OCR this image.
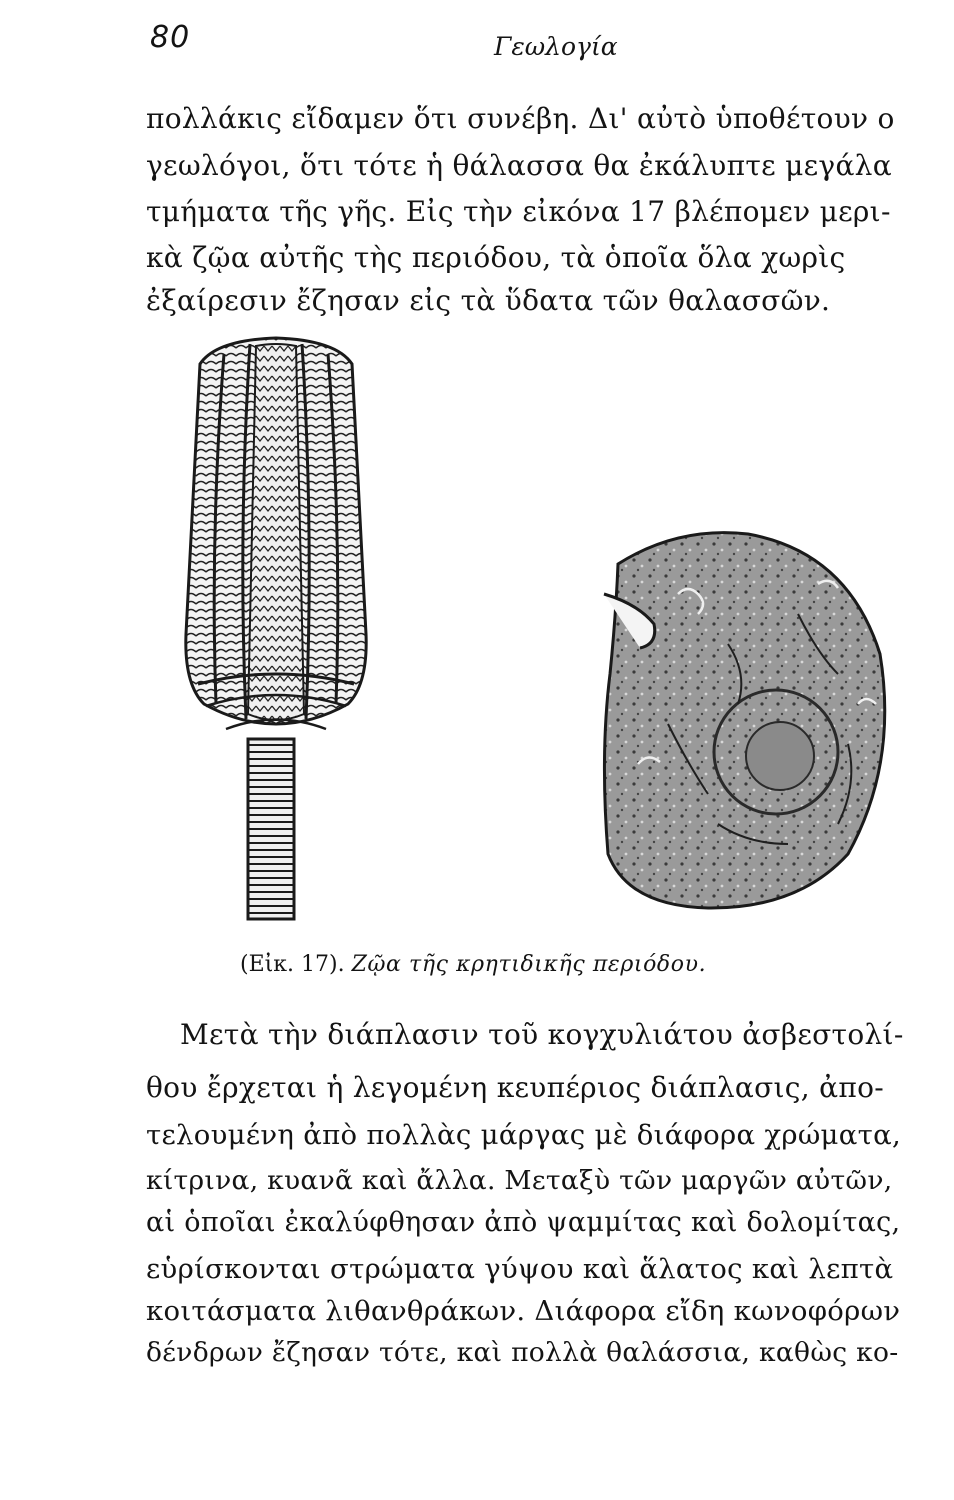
80	Γεωλογία
πολλάκις εἴδαμεν ὅτι συνέβη. Δι' αὐτὸ ὑποθέτουν ο
γεωλόγοι, ὅτι τότε ἡ θάλασσα θα ἐκάλυπτε μεγάλα
τμήματα τῆς γῆς. Εἰς τὴν εἰκόνα 17 βλέπομεν μερι-
κὰ ζῷα αὐτῆς τὴς περιόδου, τὰ ὁποῖα ὅλα χωρὶς
ἐξαίρεσιν ἔζησαν εἰς τὰ ὕδατα τῶν θαλασσῶν.
(Εἰκ. 17). Ζῷα τῆς κρητιδικῆς περιόδου.
Μετὰ τὴν διάπλασιν τοῦ κογχυλιάτου ἀσβεστολί-
θου ἔρχεται ἡ λεγομένη κευπέριος διάπλασις, ἀπο-
τελουμένη ἀπὸ πολλὰς μάργας μὲ διάφορα χρώματα,
κίτρινα, κυανᾶ καὶ ἄλλα. Μεταξὺ τῶν μαργῶν αὐτῶν,
αἱ ὁποῖαι ἐκαλύφθησαν ἀπὸ ψαμμίτας καὶ δολομίτας,
εὑρίσκονται στρώματα γύψου καὶ ἅλατος καὶ λεπτὰ
κοιτάσματα λιθανθράκων. Διάφορα εἴδη κωνοφόρων
δένδρων ἔζησαν τότε, καὶ πολλὰ θαλάσσια, καθὼς κο-
